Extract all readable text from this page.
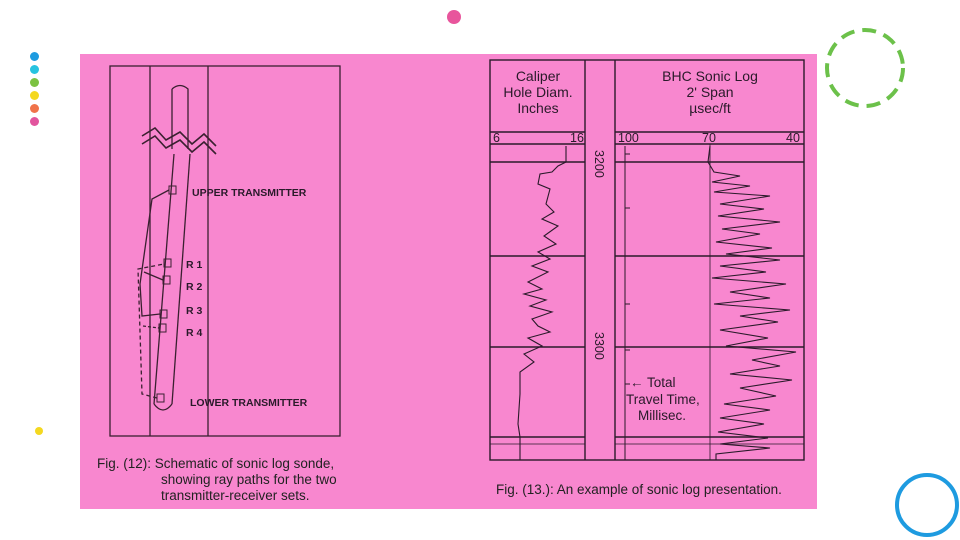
UPPER TRANSMITTER
LOWER TRANSMITTER
R 1
R 2
R 3
R 4
Caliper
Hole Diam.
Inches
BHC Sonic Log
2' Span
µsec/ft
6	16	100	70	40
3200
3300
← Total
Travel Time,
Millisec.
Fig. (12): Schematic of sonic log sonde,
showing ray paths for the two
transmitter-receiver sets.	Fig. (13.): An example of sonic log presentation.
